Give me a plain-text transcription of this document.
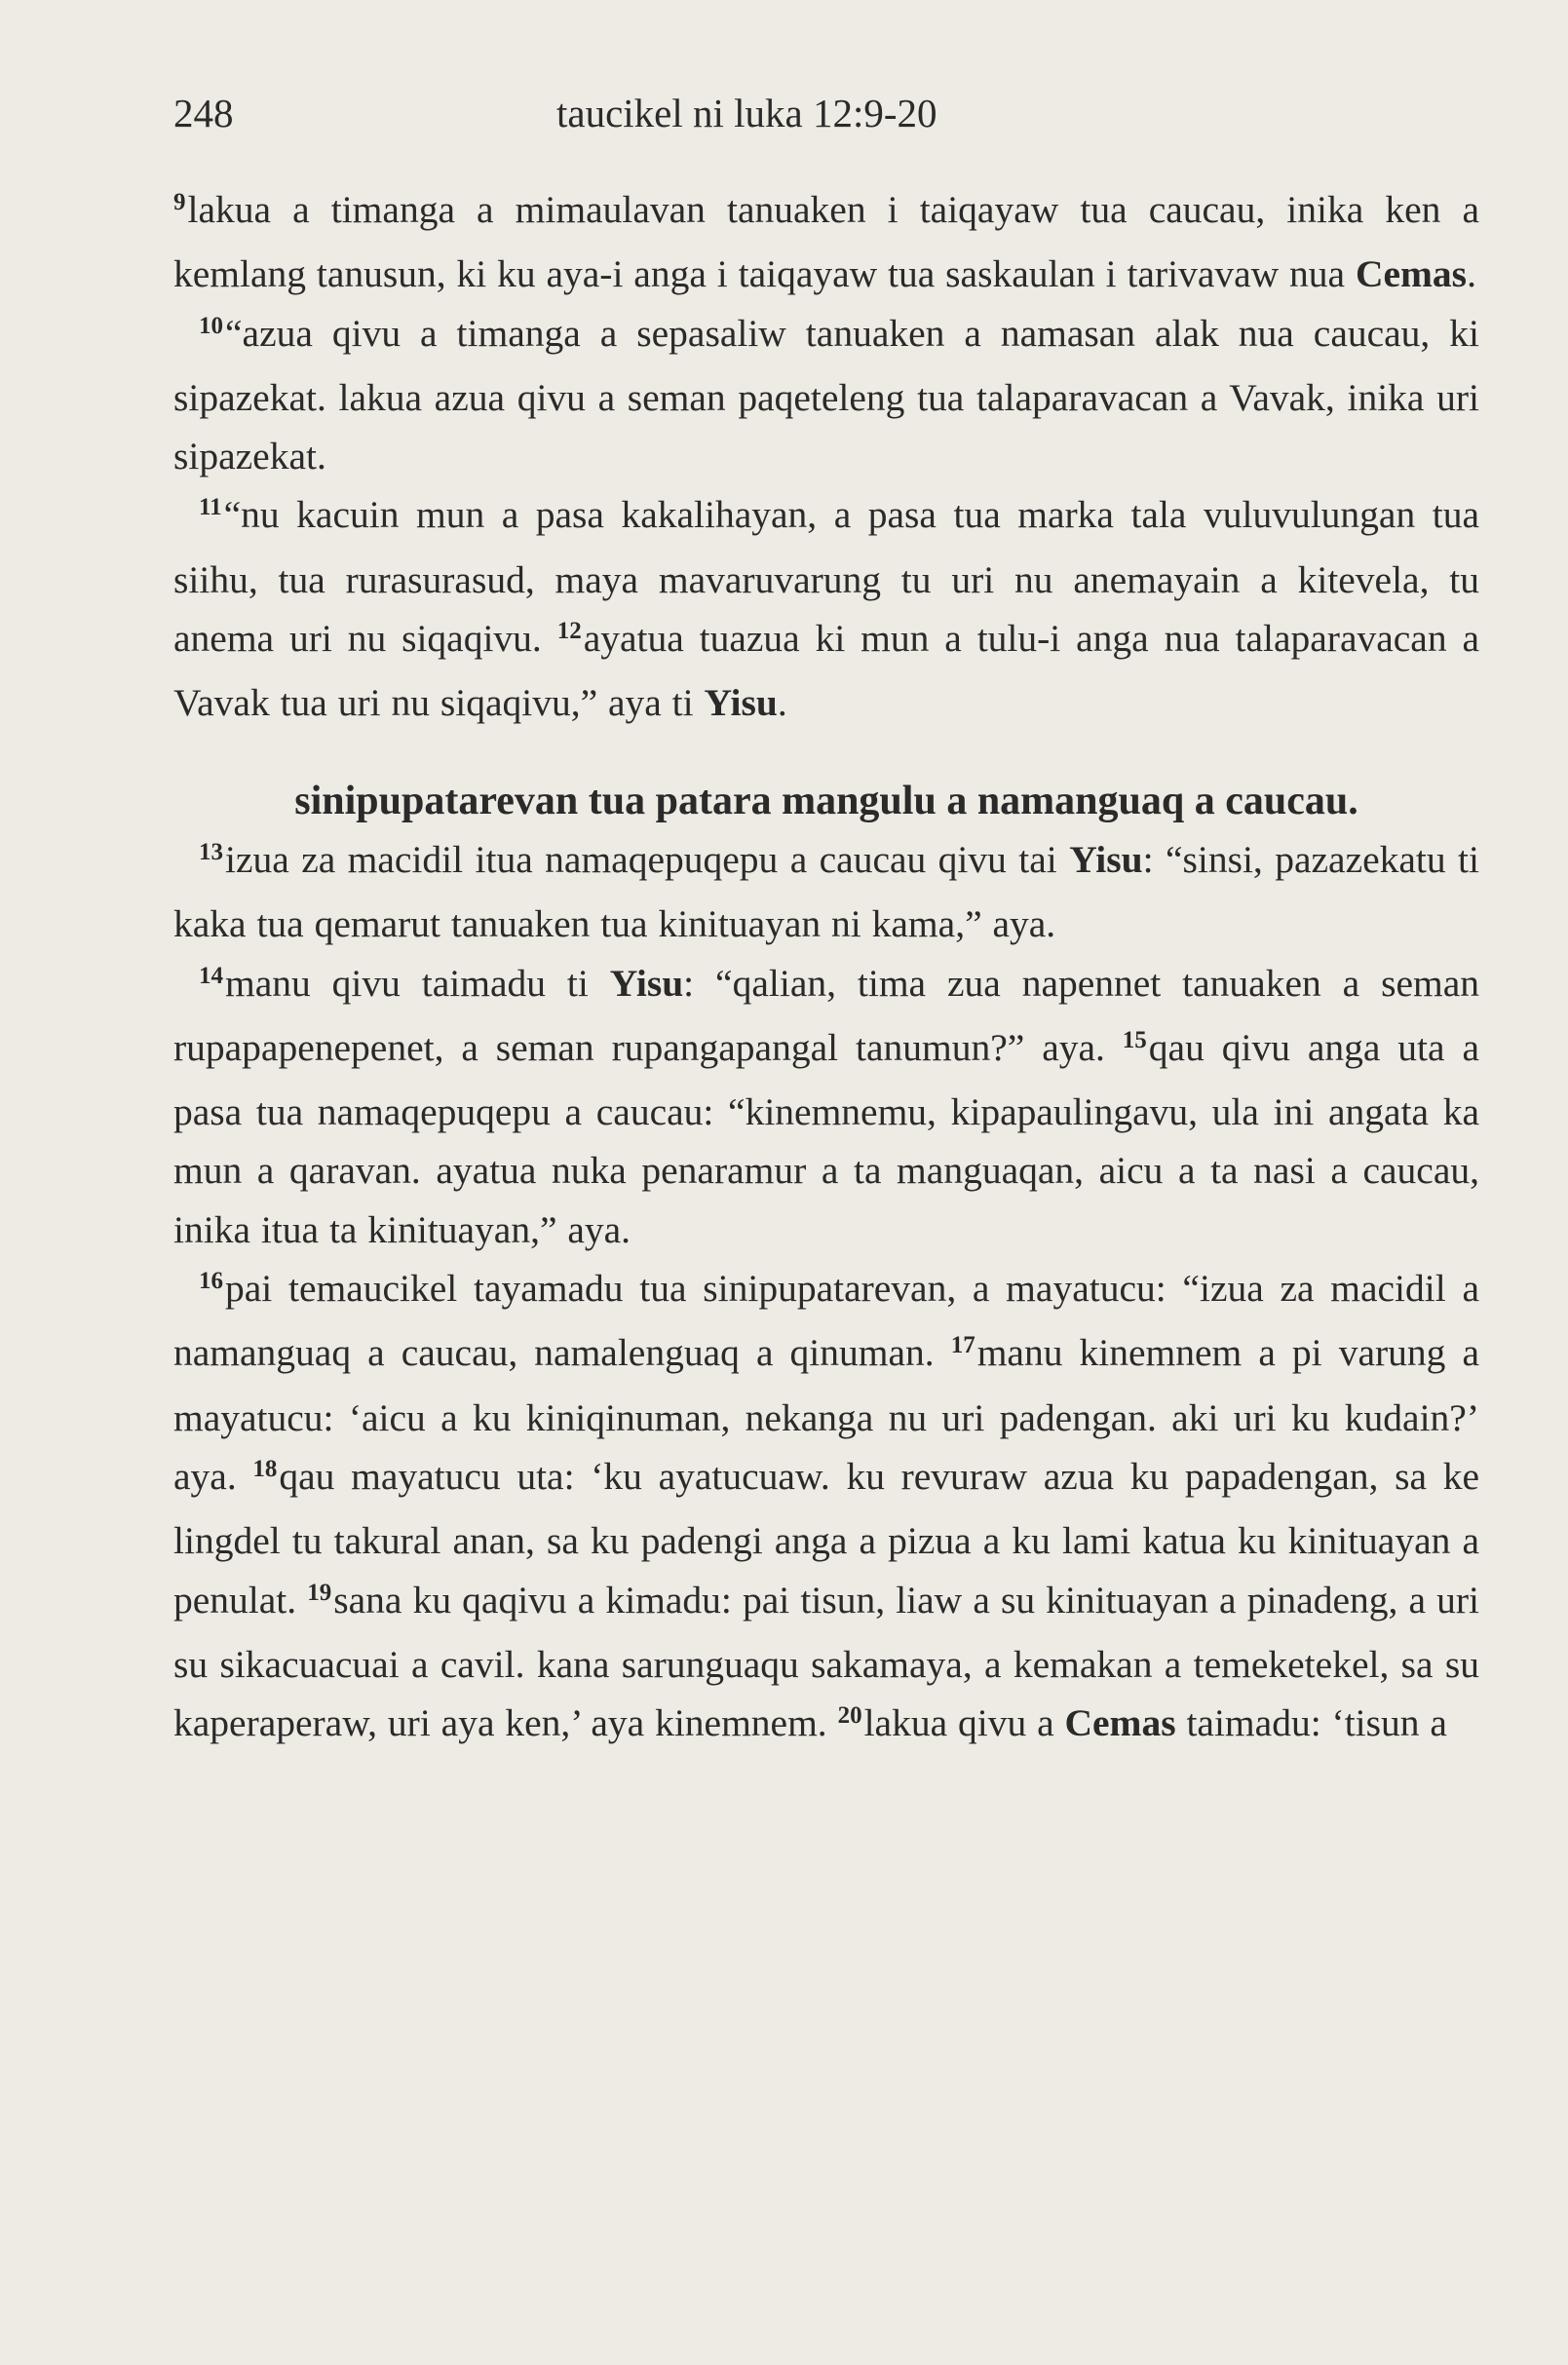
248	taucikel ni luka 12:9-20

$^9$lakua a timanga a mimaulavan tanuaken i taiqayaw tua caucau, inika ken a kemlang tanusun, ki ku aya-i anga i taiqayaw tua saskaulan i tarivavaw nua Cemas.

$^{10}$“azua qivu a timanga a sepasaliw tanuaken a namasan alak nua caucau, ki sipazekat. lakua azua qivu a seman paqeteleng tua talaparavacan a Vavak, inika uri sipazekat.

$^{11}$“nu kacuin mun a pasa kakalihayan, a pasa tua marka tala vuluvulungan tua siihu, tua rurasurasud, maya mavaruvarung tu uri nu anemayain a kitevela, tu anema uri nu siqaqivu. $^{12}$ayatua tuazua ki mun a tulu-i anga nua talaparavacan a Vavak tua uri nu siqaqivu,” aya ti Yisu.

sinipupatarevan tua patara mangulu a namanguaq a caucau.

$^{13}$izua za macidil itua namaqepuqepu a caucau qivu tai Yisu: “sinsi, pazazekatu ti kaka tua qemarut tanuaken tua kinituayan ni kama,” aya.

$^{14}$manu qivu taimadu ti Yisu: “qalian, tima zua napennet tanuaken a seman rupapapenepenet, a seman rupangapangal tanumun?” aya. $^{15}$qau qivu anga uta a pasa tua namaqepuqepu a caucau: “kinemnemu, kipapaulingavu, ula ini angata ka mun a qaravan. ayatua nuka penaramur a ta manguaqan, aicu a ta nasi a caucau, inika itua ta kinituayan,” aya.

$^{16}$pai temaucikel tayamadu tua sinipupatarevan, a mayatucu: “izua za macidil a namanguaq a caucau, namalenguaq a qinuman. $^{17}$manu kinemnem a pi varung a mayatucu: ‘aicu a ku kiniqinuman, nekanga nu uri padengan. aki uri ku kudain?’ aya. $^{18}$qau mayatucu uta: ‘ku ayatucuaw. ku revuraw azua ku papadengan, sa ke lingdel tu takural anan, sa ku padengi anga a pizua a ku lami katua ku kinituayan a penulat. $^{19}$sana ku qaqivu a kimadu: pai tisun, liaw a su kinituayan a pinadeng, a uri su sikacuacuai a cavil. kana sarunguaqu sakamaya, a kemakan a temeketekel, sa su kaperaperaw, uri aya ken,’ aya kinemnem. $^{20}$lakua qivu a Cemas taimadu: ‘tisun a
